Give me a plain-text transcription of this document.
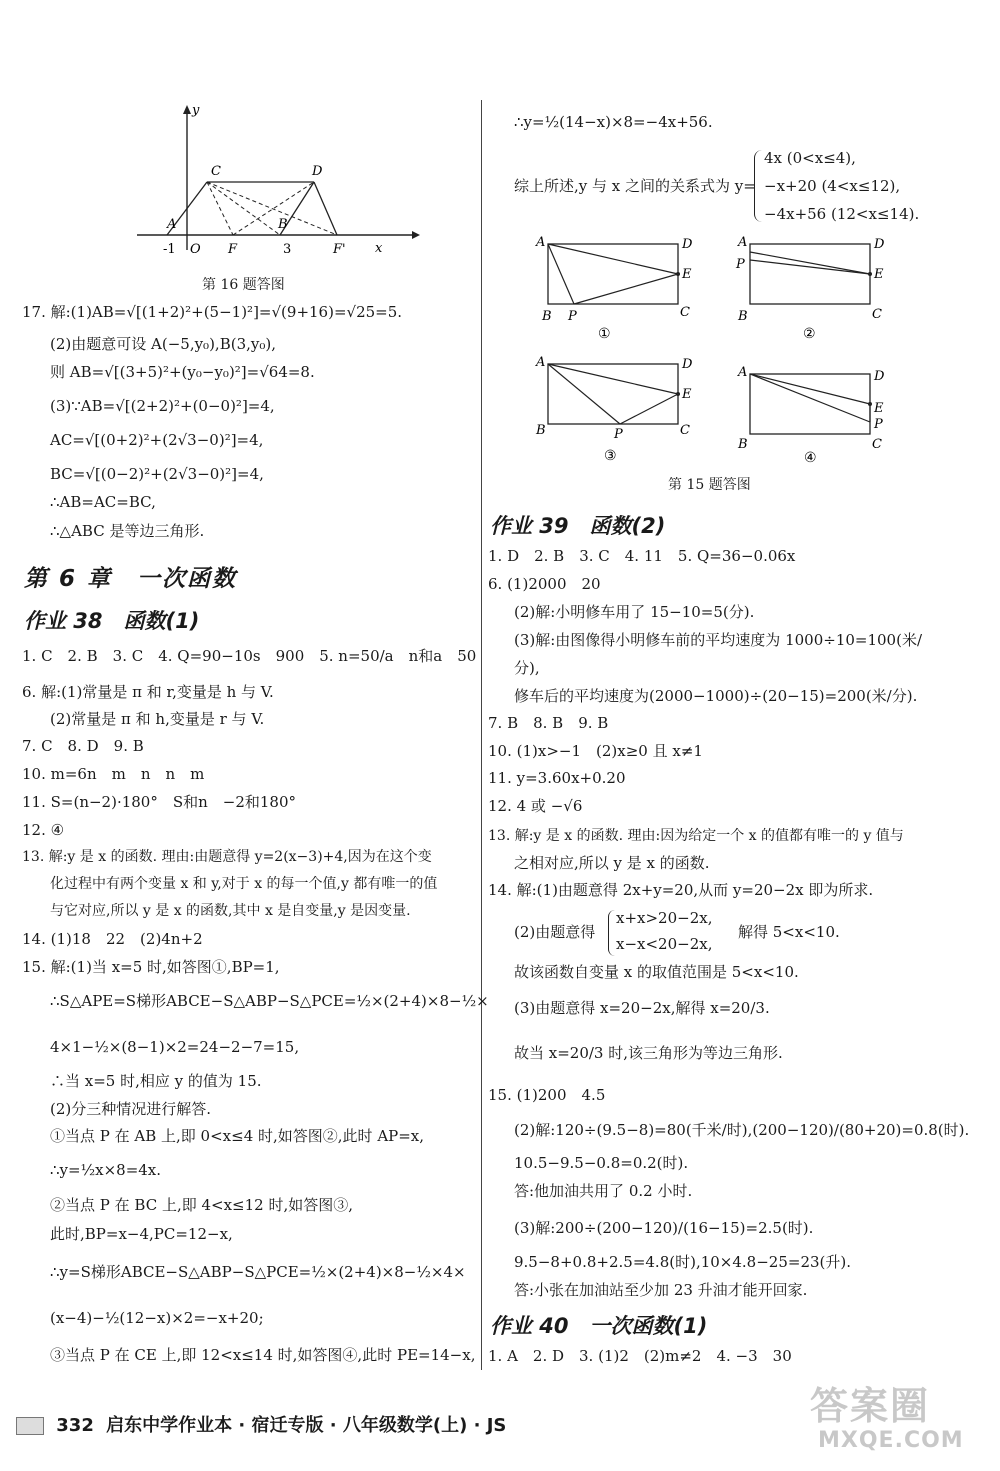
y
C	D
A	B
-1 O F	3	F' x
第 16 题答图
17. 解:(1)AB=√[(1+2)²+(5−1)²]=√(9+16)=√25=5.
(2)由题意可设 A(−5,y₀),B(3,y₀),
则 AB=√[(3+5)²+(y₀−y₀)²]=√64=8.
(3)∵AB=√[(2+2)²+(0−0)²]=4,
AC=√[(0+2)²+(2√3−0)²]=4,
BC=√[(0−2)²+(2√3−0)²]=4,
∴AB=AC=BC,
∴△ABC 是等边三角形.
第 6 章　一次函数
作业 38　函数(1)
1. C　2. B　3. C　4. Q=90−10s　900　5. n=50/a　n和a　50
6. 解:(1)常量是 π 和 r,变量是 h 与 V.
(2)常量是 π 和 h,变量是 r 与 V.
7. C　8. D　9. B
10. m=6n　m　n　n　m
11. S=(n−2)·180°　S和n　−2和180°
12. ④
13. 解:y 是 x 的函数. 理由:由题意得 y=2(x−3)+4,因为在这个变
化过程中有两个变量 x 和 y,对于 x 的每一个值,y 都有唯一的值
与它对应,所以 y 是 x 的函数,其中 x 是自变量,y 是因变量.
14. (1)18　22　(2)4n+2
15. 解:(1)当 x=5 时,如答图①,BP=1,
∴S△APE=S梯形ABCE−S△ABP−S△PCE=½×(2+4)×8−½×
4×1−½×(8−1)×2=24−2−7=15,
∴当 x=5 时,相应 y 的值为 15.
(2)分三种情况进行解答.
①当点 P 在 AB 上,即 0<x≤4 时,如答图②,此时 AP=x,
∴y=½x×8=4x.
②当点 P 在 BC 上,即 4<x≤12 时,如答图③,
此时,BP=x−4,PC=12−x,
∴y=S梯形ABCE−S△ABP−S△PCE=½×(2+4)×8−½×4×
(x−4)−½(12−x)×2=−x+20;
③当点 P 在 CE 上,即 12<x≤14 时,如答图④,此时 PE=14−x,
∴y=½(14−x)×8=−4x+56.
综上所述,y 与 x 之间的关系式为 y=
4x (0<x≤4),
−x+20 (4<x≤12),
−4x+56 (12<x≤14).
A	D
E
B P	C
①
A	D
P
E
B	C
②
A	D
E
B	P	C
③
A	D
E
P
B	C
④
第 15 题答图
作业 39　函数(2)
1. D　2. B　3. C　4. 11　5. Q=36−0.06x
6. (1)2000　20
(2)解:小明修车用了 15−10=5(分).
(3)解:由图像得小明修车前的平均速度为 1000÷10=100(米/
分),
修车后的平均速度为(2000−1000)÷(20−15)=200(米/分).
7. B　8. B　9. B
10. (1)x>−1　(2)x≥0 且 x≠1
11. y=3.60x+0.20
12. 4 或 −√6
13. 解:y 是 x 的函数. 理由:因为给定一个 x 的值都有唯一的 y 值与
之相对应,所以 y 是 x 的函数.
14. 解:(1)由题意得 2x+y=20,从而 y=20−2x 即为所求.
(2)由题意得
x+x>20−2x,
x−x<20−2x,
解得 5<x<10.
故该函数自变量 x 的取值范围是 5<x<10.
(3)由题意得 x=20−2x,解得 x=20/3.
故当 x=20/3 时,该三角形为等边三角形.
15. (1)200　4.5
(2)解:120÷(9.5−8)=80(千米/时),(200−120)/(80+20)=0.8(时).
10.5−9.5−0.8=0.2(时).
答:他加油共用了 0.2 小时.
(3)解:200÷(200−120)/(16−15)=2.5(时).
9.5−8+0.8+2.5=4.8(时),10×4.8−25=23(升).
答:小张在加油站至少加 23 升油才能开回家.
作业 40　一次函数(1)
1. A　2. D　3. (1)2　(2)m≠2　4. −3　30
332 启东中学作业本 · 宿迁专版 · 八年级数学(上) · JS	答案圈
MXQE.COM
